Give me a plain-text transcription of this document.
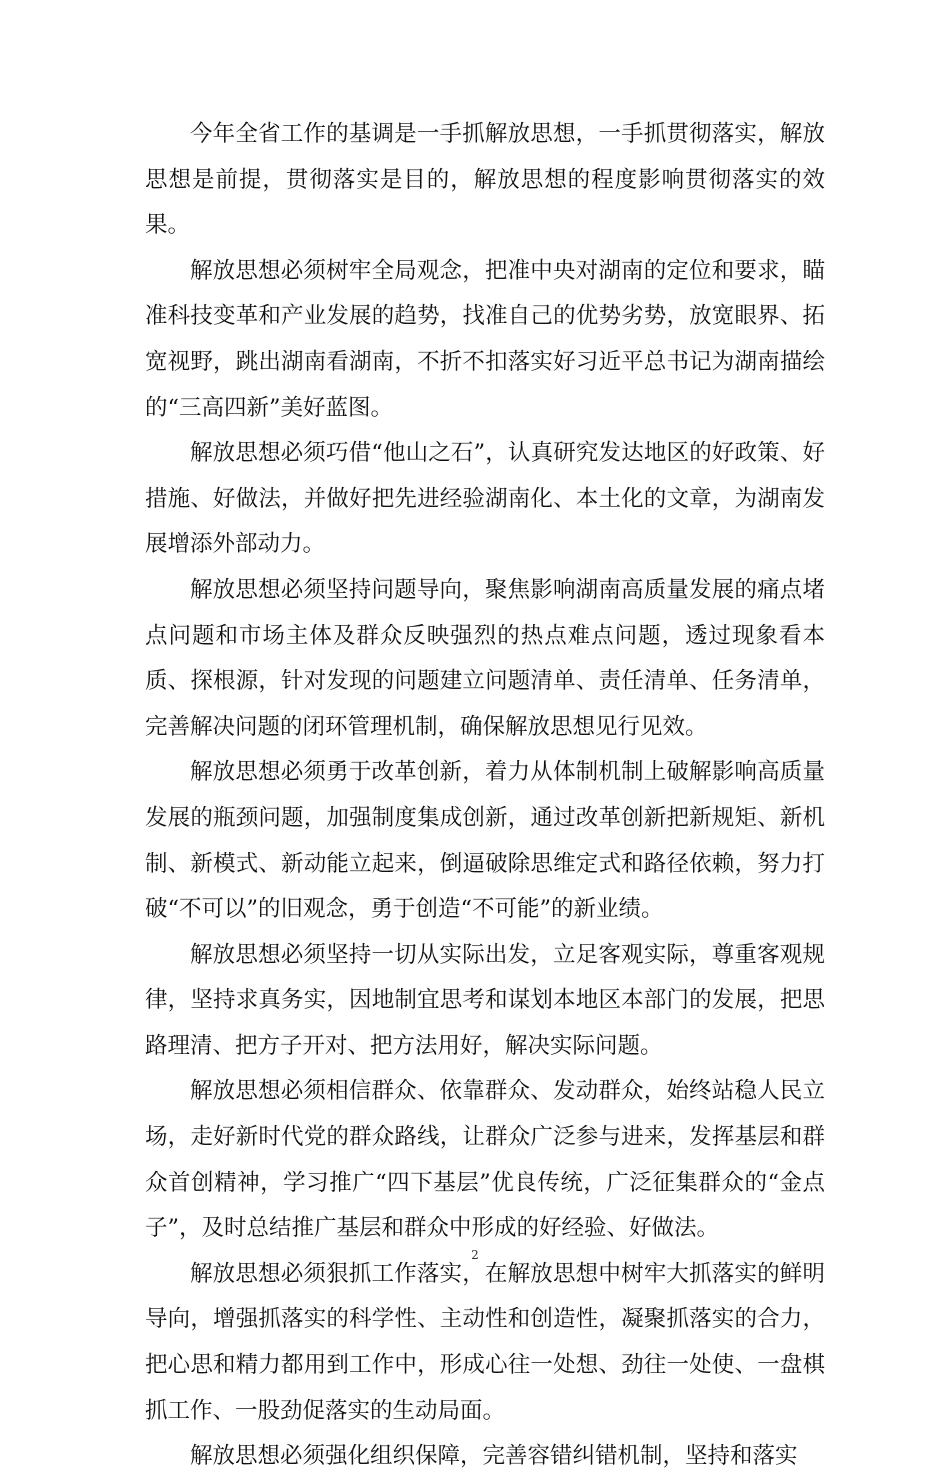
今年全省工作的基调是一手抓解放思想，一手抓贯彻落实，解放思想是前提，贯彻落实是目的，解放思想的程度影响贯彻落实的效果。

解放思想必须树牢全局观念，把准中央对湖南的定位和要求，瞄准科技变革和产业发展的趋势，找准自己的优势劣势，放宽眼界、拓宽视野，跳出湖南看湖南，不折不扣落实好习近平总书记为湖南描绘的“三高四新”美好蓝图。

解放思想必须巧借“他山之石”，认真研究发达地区的好政策、好措施、好做法，并做好把先进经验湖南化、本土化的文章，为湖南发展增添外部动力。

解放思想必须坚持问题导向，聚焦影响湖南高质量发展的痛点堵点问题和市场主体及群众反映强烈的热点难点问题，透过现象看本质、探根源，针对发现的问题建立问题清单、责任清单、任务清单，完善解决问题的闭环管理机制，确保解放思想见行见效。

解放思想必须勇于改革创新，着力从体制机制上破解影响高质量发展的瓶颈问题，加强制度集成创新，通过改革创新把新规矩、新机制、新模式、新动能立起来，倒逼破除思维定式和路径依赖，努力打破“不可以”的旧观念，勇于创造“不可能”的新业绩。

解放思想必须坚持一切从实际出发，立足客观实际，尊重客观规律，坚持求真务实，因地制宜思考和谋划本地区本部门的发展，把思路理清、把方子开对、把方法用好，解决实际问题。

解放思想必须相信群众、依靠群众、发动群众，始终站稳人民立场，走好新时代党的群众路线，让群众广泛参与进来，发挥基层和群众首创精神，学习推广“四下基层”优良传统，广泛征集群众的“金点子”，及时总结推广基层和群众中形成的好经验、好做法。

解放思想必须狠抓工作落实，在解放思想中树牢大抓落实的鲜明导向，增强抓落实的科学性、主动性和创造性，凝聚抓落实的合力，把心思和精力都用到工作中，形成心往一处想、劲往一处使、一盘棋抓工作、一股劲促落实的生动局面。

解放思想必须强化组织保障，完善容错纠错机制，坚持和落实

2
